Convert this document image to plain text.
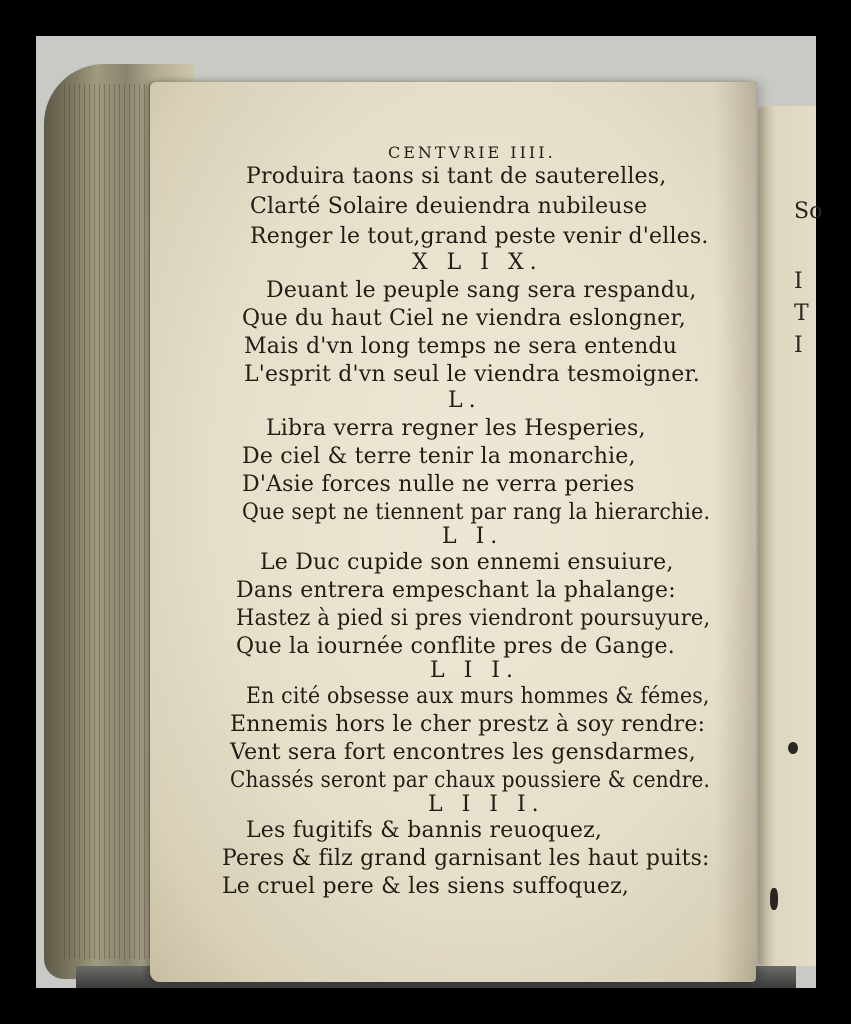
So
I
T
I
CENTVRIE IIII.
Produira taons si tant de sauterelles,
Clarté Solaire deuiendra nubileuse
Renger le tout,grand peste venir d'elles.
X L I X.
Deuant le peuple sang sera respandu,
Que du haut Ciel ne viendra eslongner,
Mais d'vn long temps ne sera entendu
L'esprit d'vn seul le viendra tesmoigner.
L.
Libra verra regner les Hesperies,
De ciel & terre tenir la monarchie,
D'Asie forces nulle ne verra peries
Que sept ne tiennent par rang la hierarchie.
L I.
Le Duc cupide son ennemi ensuiure,
Dans entrera empeschant la phalange:
Hastez à pied si pres viendront poursuyure,
Que la iournée conflite pres de Gange.
L I I.
En cité obsesse aux murs hommes & fémes,
Ennemis hors le cher prestz à soy rendre:
Vent sera fort encontres les gensdarmes,
Chassés seront par chaux poussiere & cendre.
L I I I.
Les fugitifs & bannis reuoquez,
Peres & filz grand garnisant les haut puits:
Le cruel pere & les siens suffoquez,
